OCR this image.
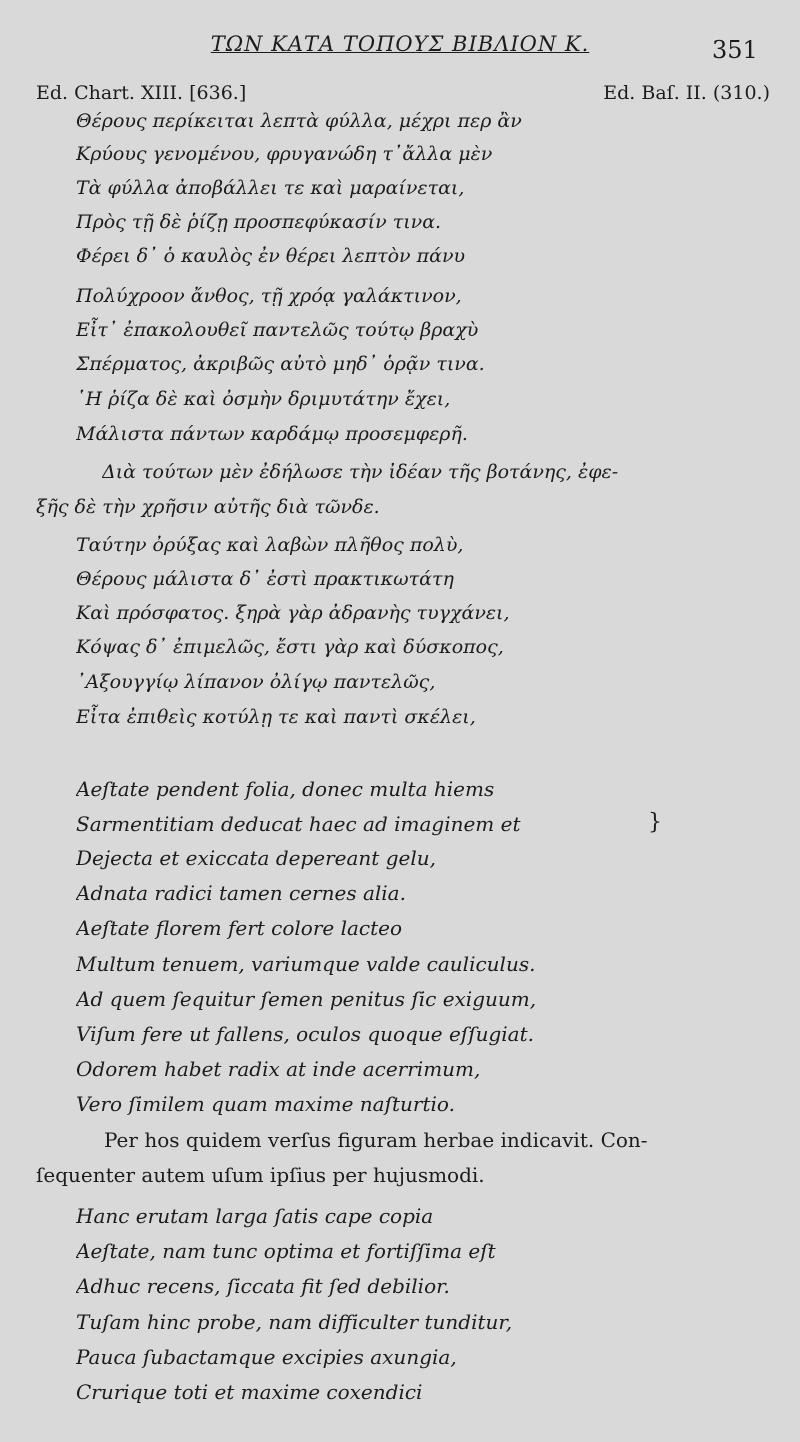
ΤΩΝ ΚΑΤΑ ΤΟΠΟΥΣ ΒΙΒΛΙΟΝ Κ.	351
Ed. Chart. XIII. [636.]	Ed. Baſ. II. (310.)
Θέρους περίκειται λεπτὰ φύλλα, μέχρι περ ἂν
Κρύους γενομένου, φρυγανώδη τ᾽ἄλλα μὲν
Τὰ φύλλα ἀποβάλλει τε καὶ μαραίνεται,
Πρὸς τῇ δὲ ῥίζῃ προσπεφύκασίν τινα.
Φέρει δ᾽ ὁ καυλὸς ἐν θέρει λεπτὸν πάνυ
Πολύχροον ἄνθος, τῇ χρόᾳ γαλάκτινον,
Εἶτ᾽ ἐπακολουθεῖ παντελῶς τούτῳ βραχὺ
Σπέρματος, ἀκριβῶς αὐτὸ μηδ᾽ ὁρᾷν τινα.
῾Η ῥίζα δὲ καὶ ὀσμὴν δριμυτάτην ἔχει,
Μάλιστα πάντων καρδάμῳ προσεμφερῆ.
Διὰ τούτων μὲν ἐδήλωσε τὴν ἰδέαν τῆς βοτάνης, ἐφε-
ξῆς δὲ τὴν χρῆσιν αὐτῆς διὰ τῶνδε.
Ταύτην ὀρύξας καὶ λαβὼν πλῆθος πολὺ,
Θέρους μάλιστα δ᾽ ἐστὶ πρακτικωτάτη
Καὶ πρόσφατος. ξηρὰ γὰρ ἀδρανὴς τυγχάνει,
Κόψας δ᾽ ἐπιμελῶς, ἔστι γὰρ καὶ δύσκοπος,
᾿Αξουγγίῳ λίπανον ὀλίγῳ παντελῶς,
Εἶτα ἐπιθεὶς κοτύλῃ τε καὶ παντὶ σκέλει,
Aeſtate pendent folia, donec multa hiems
Sarmentitiam deducat haec ad imaginem et
Dejecta et exiccata depereant gelu,
Adnata radici tamen cernes alia.
Aeſtate florem fert colore lacteo
Multum tenuem, variumque valde cauliculus.
Ad quem ſequitur ſemen penitus ſic exiguum,
Viſum fere ut fallens, oculos quoque eſſugiat.
Odorem habet radix at inde acerrimum,
Vero ſimilem quam maxime naſturtio.
}
Per hos quidem verſus figuram herbae indicavit. Con-
ſequenter autem uſum ipſius per hujusmodi.
Hanc erutam larga ſatis cape copia
Aeſtate, nam tunc optima et fortiſſima eſt
Adhuc recens, ſiccata fit ſed debilior.
Tuſam hinc probe, nam difficulter tunditur,
Pauca ſubactamque excipies axungia,
Crurique toti et maxime coxendici
